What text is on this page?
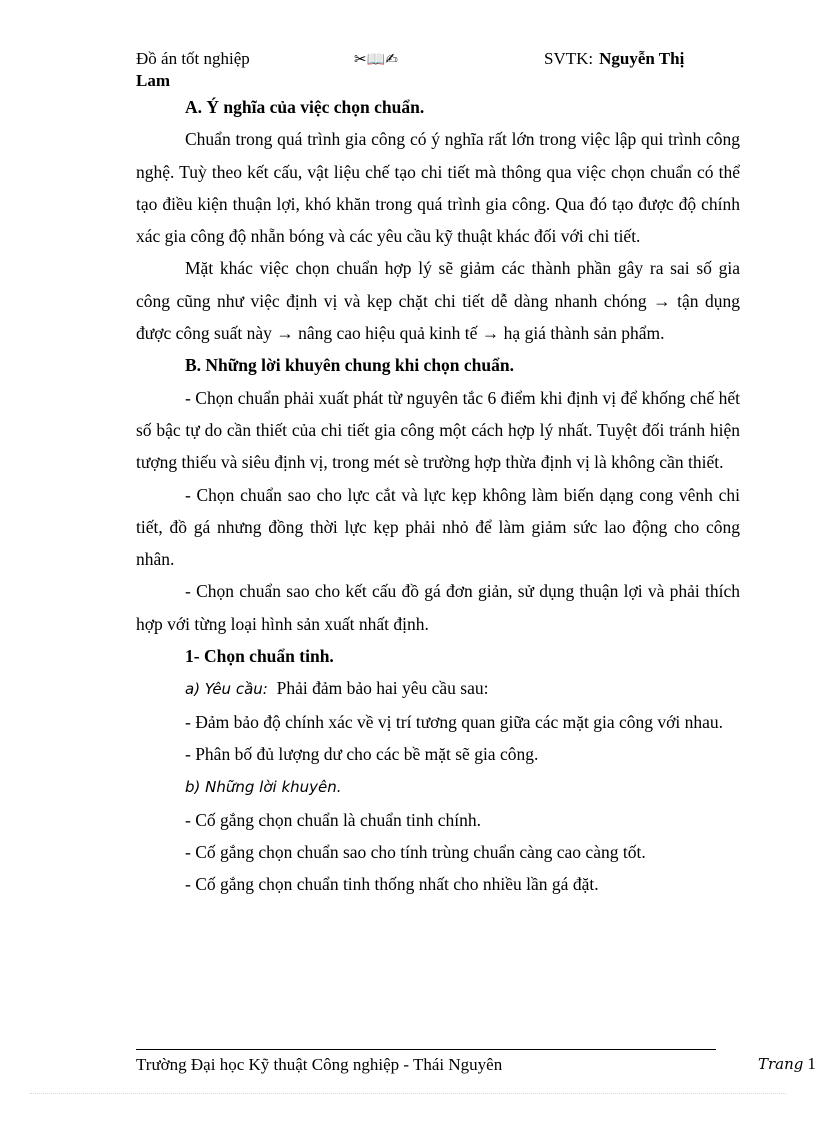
Đồ án tốt nghiệp	✂︎📖✍	SVTK: Nguyễn Thị
Lam

A. Ý nghĩa của việc chọn chuẩn.

Chuẩn trong quá trình gia công có ý nghĩa rất lớn trong việc lập qui trình công nghệ. Tuỳ theo kết cấu, vật liệu chế tạo chi tiết mà thông qua việc chọn chuẩn có thể tạo điều kiện thuận lợi, khó khăn trong quá trình gia công. Qua đó tạo được độ chính xác gia công độ nhẵn bóng và các yêu cầu kỹ thuật khác đối với chi tiết.

Mặt khác việc chọn chuẩn hợp lý sẽ giảm các thành phần gây ra sai số gia công cũng như việc định vị và kẹp chặt chi tiết dễ dàng nhanh chóng → tận dụng được công suất này → nâng cao hiệu quả kinh tế → hạ giá thành sản phẩm.

B. Những lời khuyên chung khi chọn chuẩn.

- Chọn chuẩn phải xuất phát từ nguyên tắc 6 điểm khi định vị để khống chế hết số bậc tự do cần thiết của chi tiết gia công một cách hợp lý nhất. Tuyệt đối tránh hiện tượng thiếu và siêu định vị, trong mét sè trường hợp thừa định vị là không cần thiết.

- Chọn chuẩn sao cho lực cắt và lực kẹp không làm biến dạng cong vênh chi tiết, đồ gá nhưng đồng thời lực kẹp phải nhỏ để làm giảm sức lao động cho công nhân.

- Chọn chuẩn sao cho kết cấu đồ gá đơn giản, sử dụng thuận lợi và phải thích hợp với từng loại hình sản xuất nhất định.

1- Chọn chuẩn tinh.

a) Yêu cầu: Phải đảm bảo hai yêu cầu sau:

- Đảm bảo độ chính xác về vị trí tương quan giữa các mặt gia công với nhau.

- Phân bố đủ lượng dư cho các bề mặt sẽ gia công.

b) Những lời khuyên.

- Cố gắng chọn chuẩn là chuẩn tinh chính.

- Cố gắng chọn chuẩn sao cho tính trùng chuẩn càng cao càng tốt.

- Cố gắng chọn chuẩn tinh thống nhất cho nhiều lần gá đặt.

Trường Đại học Kỹ thuật Công nghiệp - Thái Nguyên	Trang 1
